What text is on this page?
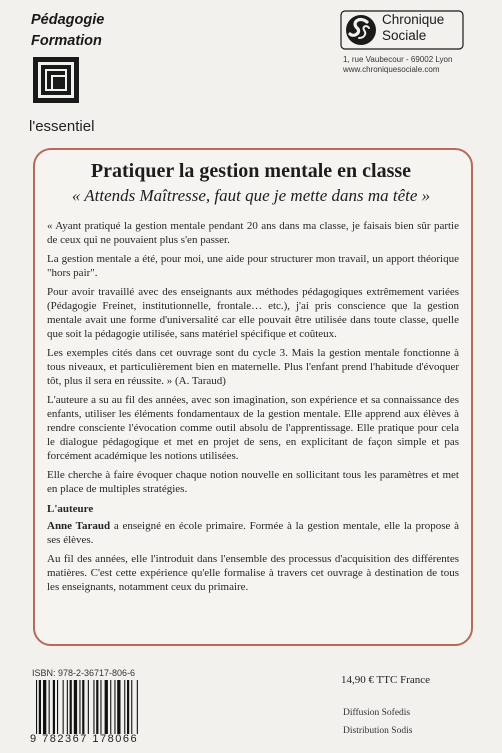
Pédagogie
Formation
l'essentiel
Chronique
Sociale
1, rue Vaubecour - 69002 Lyon
www.chroniquesociale.com
Pratiquer la gestion mentale en classe
« Attends Maîtresse, faut que je mette dans ma tête »

« Ayant pratiqué la gestion mentale pendant 20 ans dans ma classe, je faisais bien sûr partie de ceux qui ne pouvaient plus s'en passer.

La gestion mentale a été, pour moi, une aide pour structurer mon travail, un apport théorique "hors pair".

Pour avoir travaillé avec des enseignants aux méthodes pédagogiques extrêmement variées (Pédagogie Freinet, institutionnelle, frontale… etc.), j'ai pris conscience que la gestion mentale avait une forme d'universalité car elle pouvait être utilisée dans toute classe, quelle que soit la pédagogie utilisée, sans matériel spécifique et coûteux.

Les exemples cités dans cet ouvrage sont du cycle 3. Mais la gestion mentale fonctionne à tous niveaux, et particulièrement bien en maternelle. Plus l'enfant prend l'habitude d'évoquer tôt, plus il sera en réussite. » (A. Taraud)

L'auteure a su au fil des années, avec son imagination, son expérience et sa connaissance des enfants, utiliser les éléments fondamentaux de la gestion mentale. Elle apprend aux élèves à rendre consciente l'évocation comme outil absolu de l'apprentissage. Elle pratique pour cela le dialogue pédagogique et met en projet de sens, en explicitant de façon simple et pas forcément académique les notions utilisées.

Elle cherche à faire évoquer chaque notion nouvelle en sollicitant tous les paramètres et met en place de multiples stratégies.

L'auteure

Anne Taraud a enseigné en école primaire. Formée à la gestion mentale, elle la propose à ses élèves.

Au fil des années, elle l'introduit dans l'ensemble des processus d'acquisition des différentes matières. C'est cette expérience qu'elle formalise à travers cet ouvrage à destination de tous les enseignants, notamment ceux du primaire.

ISBN: 978-2-36717-806-6
9 782367 178066
14,90 € TTC France
Diffusion Sofedis
Distribution Sodis
